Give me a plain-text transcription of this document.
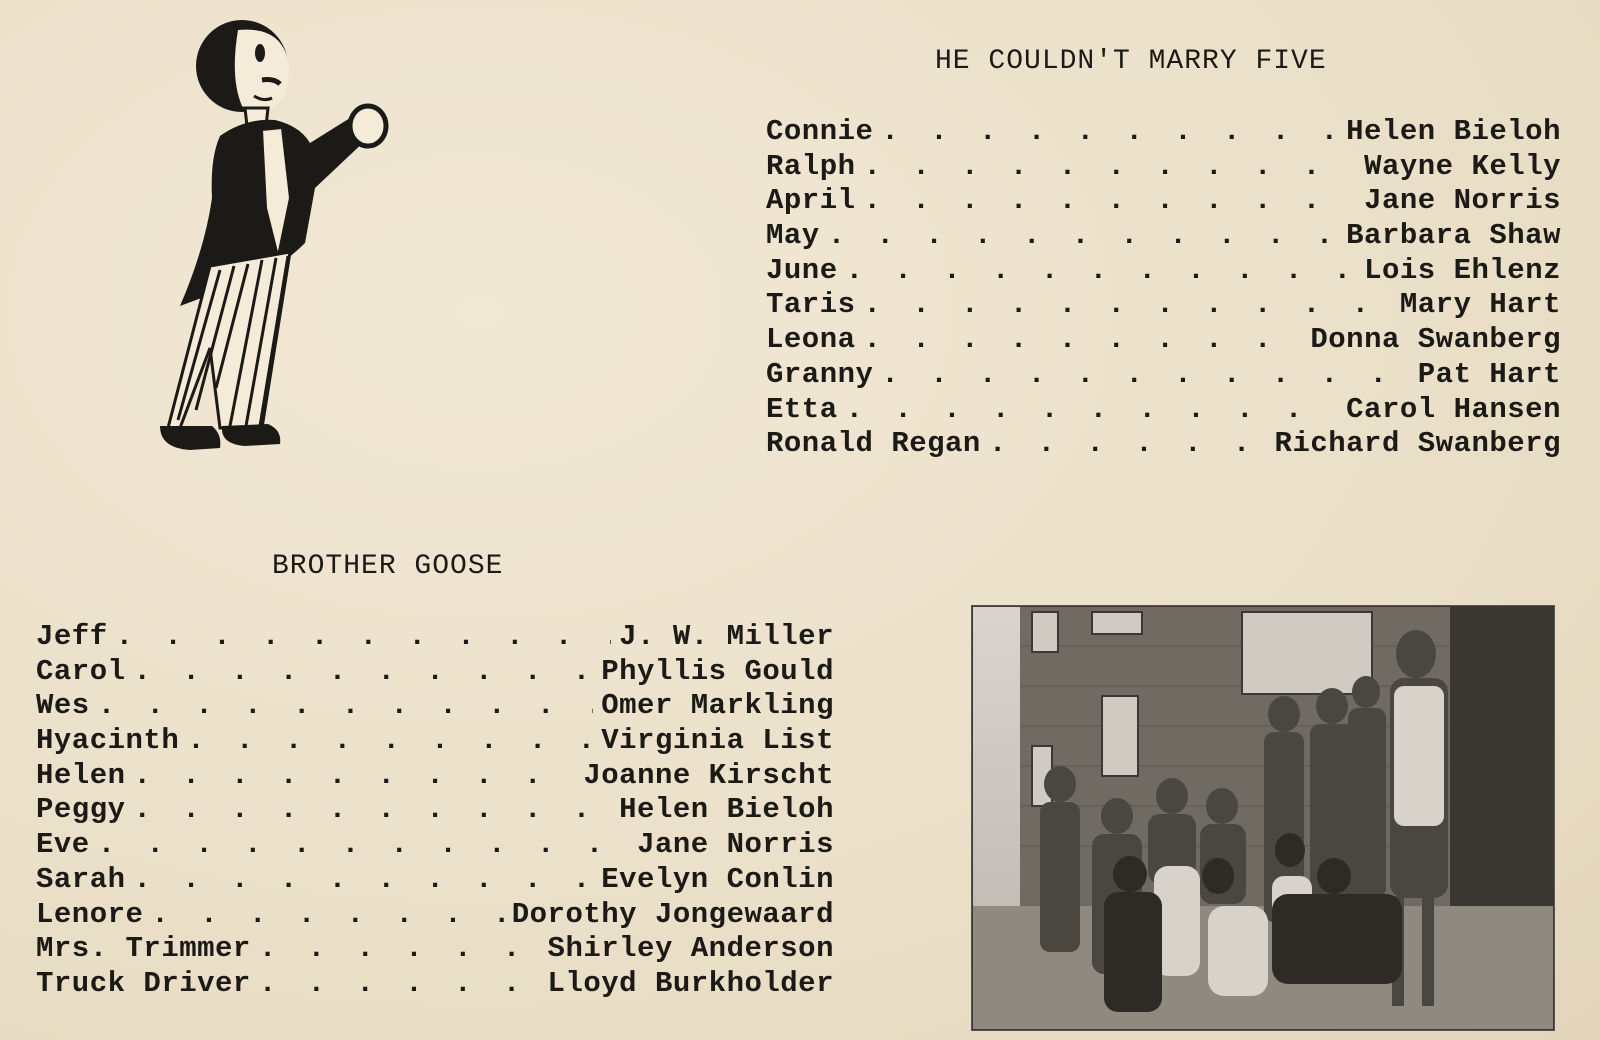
HE COULDN'T MARRY FIVE
Connie . . .	Helen Bieloh
Ralph . . .	Wayne Kelly
April . . .	Jane Norris
May . . .	Barbara Shaw
June . . .	Lois Ehlenz
Taris . . .	Mary Hart
Leona . . .	Donna Swanberg
Granny . . .	Pat Hart
Etta . . .	Carol Hansen
Ronald Regan . . .	Richard Swanberg
BROTHER GOOSE
Jeff . . .	J. W. Miller
Carol . . .	Phyllis Gould
Wes . . .	Omer Markling
Hyacinth . . .	Virginia List
Helen . . .	Joanne Kirscht
Peggy . . .	Helen Bieloh
Eve . . .	Jane Norris
Sarah . . .	Evelyn Conlin
Lenore . . .	Dorothy Jongewaard
Mrs. Trimmer . . .	Shirley Anderson
Truck Driver . . .	Lloyd Burkholder
